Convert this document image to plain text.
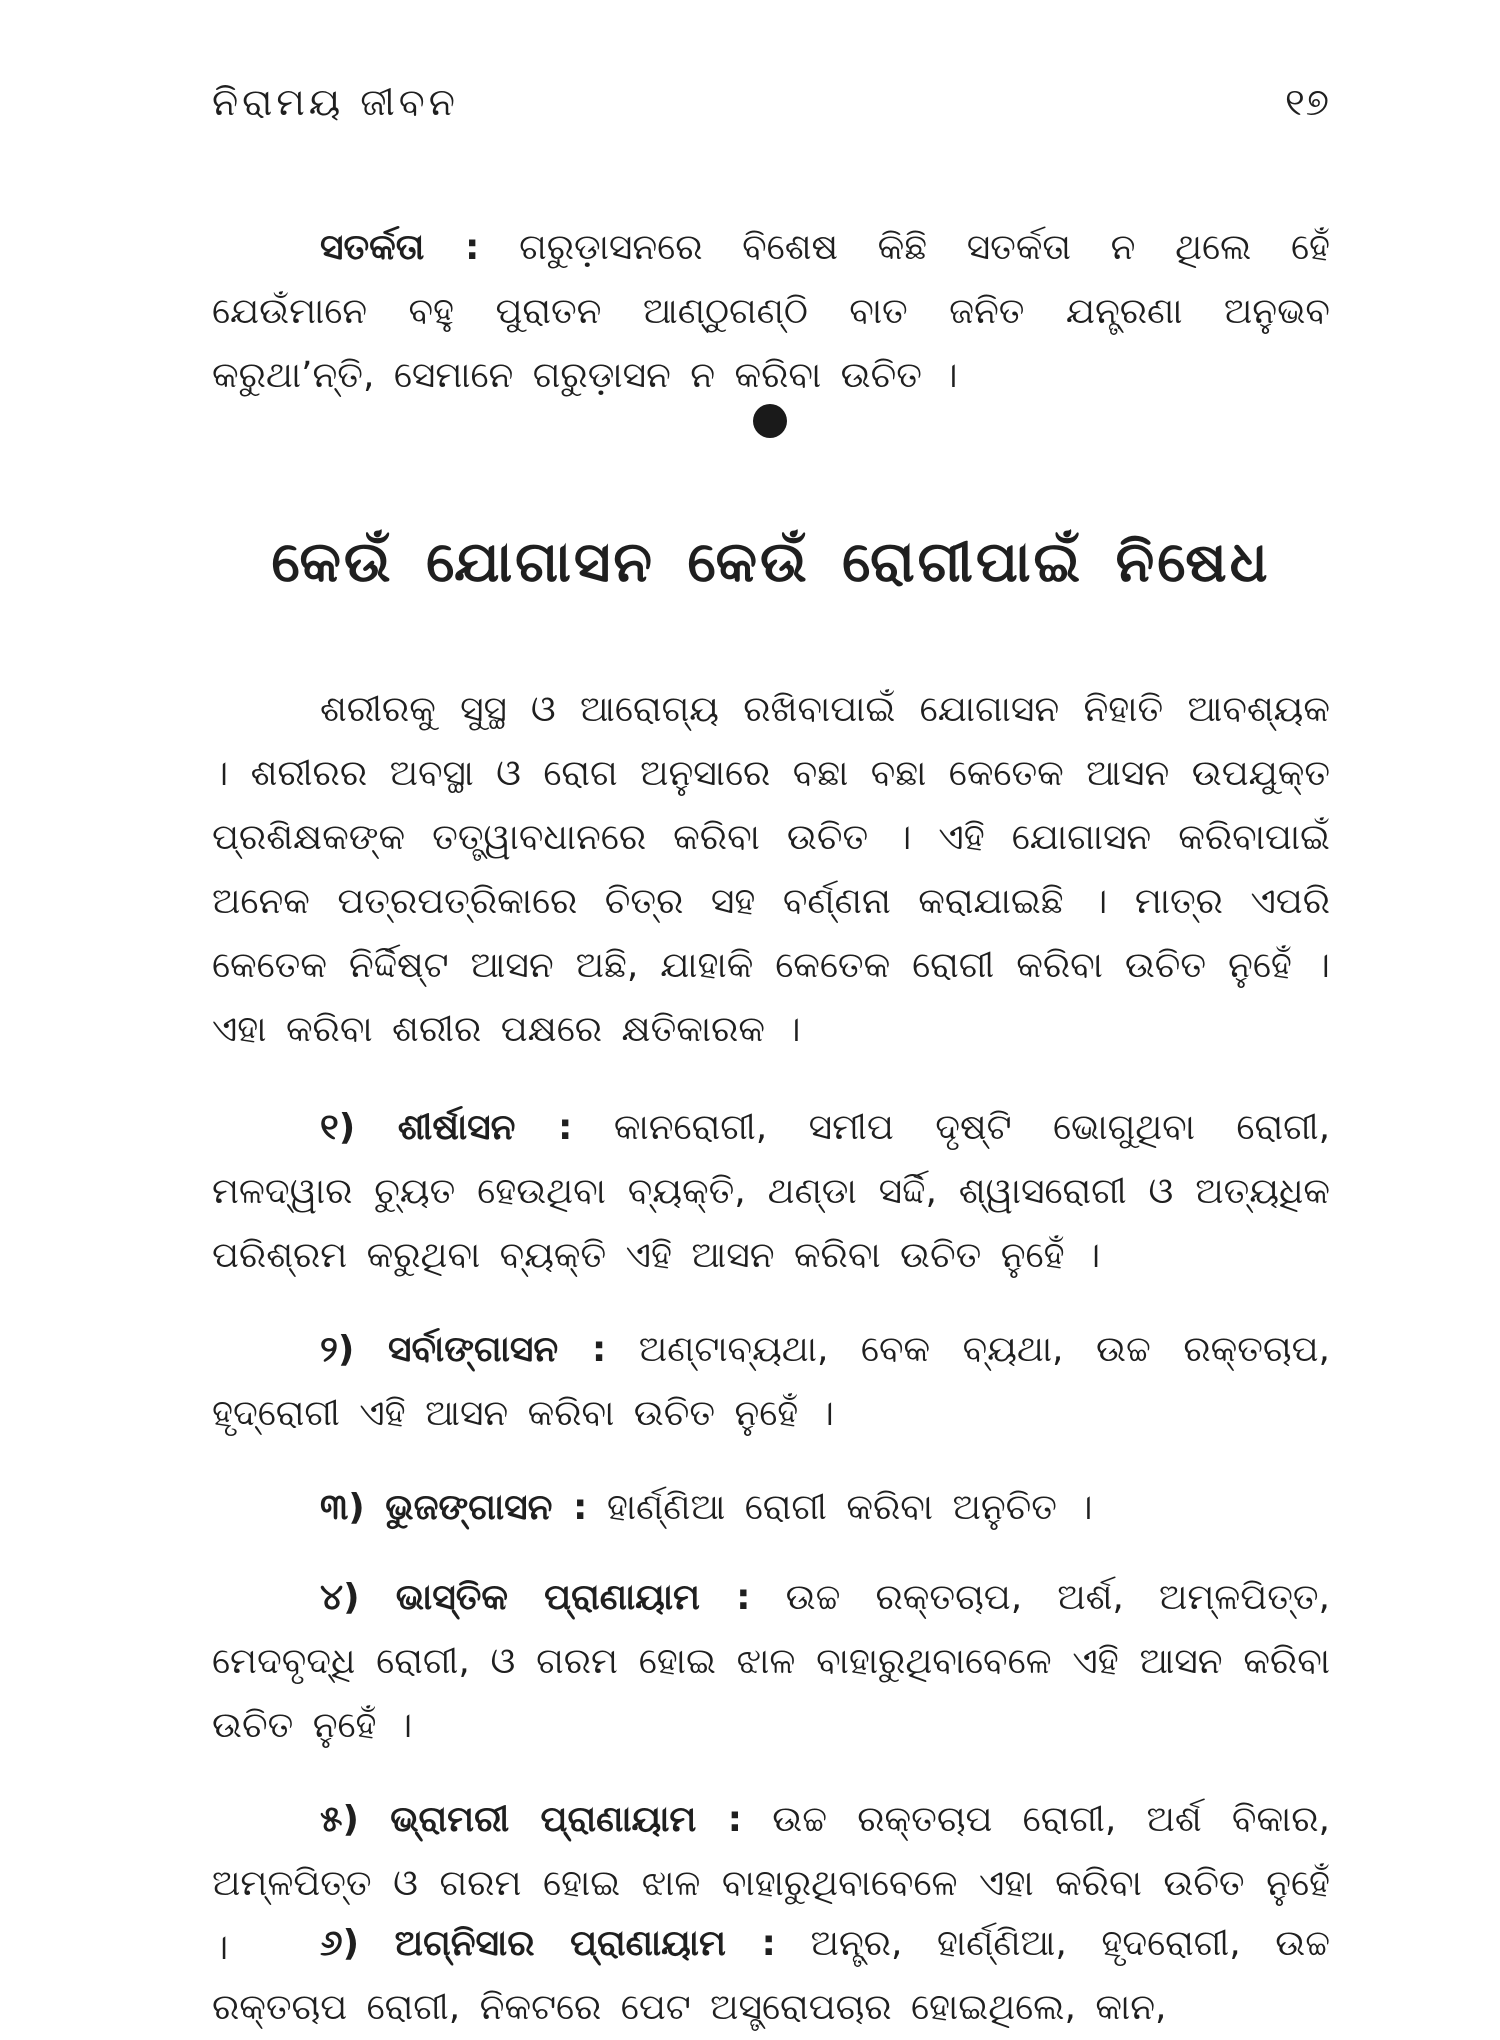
ନିରାମୟ ଜୀବନ	୧୭

ସତର୍କତା : ଗରୁଡ଼ାସନରେ ବିଶେଷ କିଛି ସତର୍କତା ନ ଥିଲେ ହେଁ ଯେଉଁମାନେ ବହୁ ପୁରାତନ ଆଣ୍ଠୁଗଣ୍ଠି ବାତ ଜନିତ ଯନ୍ତ୍ରଣା ଅନୁଭବ କରୁଥା’ନ୍ତି, ସେମାନେ ଗରୁଡ଼ାସନ ନ କରିବା ଉଚିତ ।

କେଉଁ ଯୋଗାସନ କେଉଁ ରୋଗୀପାଇଁ ନିଷେଧ

ଶରୀରକୁ ସୁସ୍ଥ ଓ ଆରୋଗ୍ୟ ରଖିବାପାଇଁ ଯୋଗାସନ ନିହାତି ଆବଶ୍ୟକ । ଶରୀରର ଅବସ୍ଥା ଓ ରୋଗ ଅନୁସାରେ ବଛା ବଛା କେତେକ ଆସନ ଉପଯୁକ୍ତ ପ୍ରଶିକ୍ଷକଙ୍କ ତତ୍ତ୍ୱାବଧାନରେ କରିବା ଉଚିତ । ଏହି ଯୋଗାସନ କରିବାପାଇଁ ଅନେକ ପତ୍ରପତ୍ରିକାରେ ଚିତ୍ର ସହ ବର୍ଣ୍ଣନା କରାଯାଇଛି । ମାତ୍ର ଏପରି କେତେକ ନିର୍ଦ୍ଦିଷ୍ଟ ଆସନ ଅଛି, ଯାହାକି କେତେକ ରୋଗୀ କରିବା ଉଚିତ ନୁହେଁ । ଏହା କରିବା ଶରୀର ପକ୍ଷରେ କ୍ଷତିକାରକ ।

୧) ଶୀର୍ଷାସନ : କାନରୋଗୀ, ସମୀପ ଦୃଷ୍ଟି ଭୋଗୁଥିବା ରୋଗୀ, ମଳଦ୍ୱାର ଚ୍ୟୁତ ହେଉଥିବା ବ୍ୟକ୍ତି, ଥଣ୍ଡା ସର୍ଦ୍ଦି, ଶ୍ୱାସରୋଗୀ ଓ ଅତ୍ୟଧିକ ପରିଶ୍ରମ କରୁଥିବା ବ୍ୟକ୍ତି ଏହି ଆସନ କରିବା ଉଚିତ ନୁହେଁ ।

୨) ସର୍ବାଙ୍ଗାସନ : ଅଣ୍ଟାବ୍ୟଥା, ବେକ ବ୍ୟଥା, ଉଚ୍ଚ ରକ୍ତଚାପ, ହୃଦ୍‌ରୋଗୀ ଏହି ଆସନ କରିବା ଉଚିତ ନୁହେଁ ।

୩) ଭୁଜଙ୍ଗାସନ : ହାର୍ଣ୍ଣିଆ ରୋଗୀ କରିବା ଅନୁଚିତ ।

୪) ଭାସ୍ତିକ ପ୍ରାଣାୟାମ : ଉଚ୍ଚ ରକ୍ତଚାପ, ଅର୍ଶ, ଅମ୍ଳପିତ୍ତ, ମେଦବୃଦ୍ଧି ରୋଗୀ, ଓ ଗରମ ହୋଇ ଝାଳ ବାହାରୁଥିବାବେଳେ ଏହି ଆସନ କରିବା ଉଚିତ ନୁହେଁ ।

୫) ଭ୍ରାମରୀ ପ୍ରାଣାୟାମ : ଉଚ୍ଚ ରକ୍ତଚାପ ରୋଗୀ, ଅର୍ଶ ବିକାର, ଅମ୍ଳପିତ୍ତ ଓ ଗରମ ହୋଇ ଝାଳ ବାହାରୁଥିବାବେଳେ ଏହା କରିବା ଉଚିତ ନୁହେଁ ।	୬) ଅଗ୍ନିସାର ପ୍ରାଣାୟାମ : ଅନ୍ତ୍ର, ହାର୍ଣ୍ଣିଆ, ହୃଦରୋଗୀ, ଉଚ୍ଚ ରକ୍ତଚାପ ରୋଗୀ, ନିକଟରେ ପେଟ ଅସ୍ତ୍ରୋପଚାର ହୋଇଥିଲେ, କାନ,
